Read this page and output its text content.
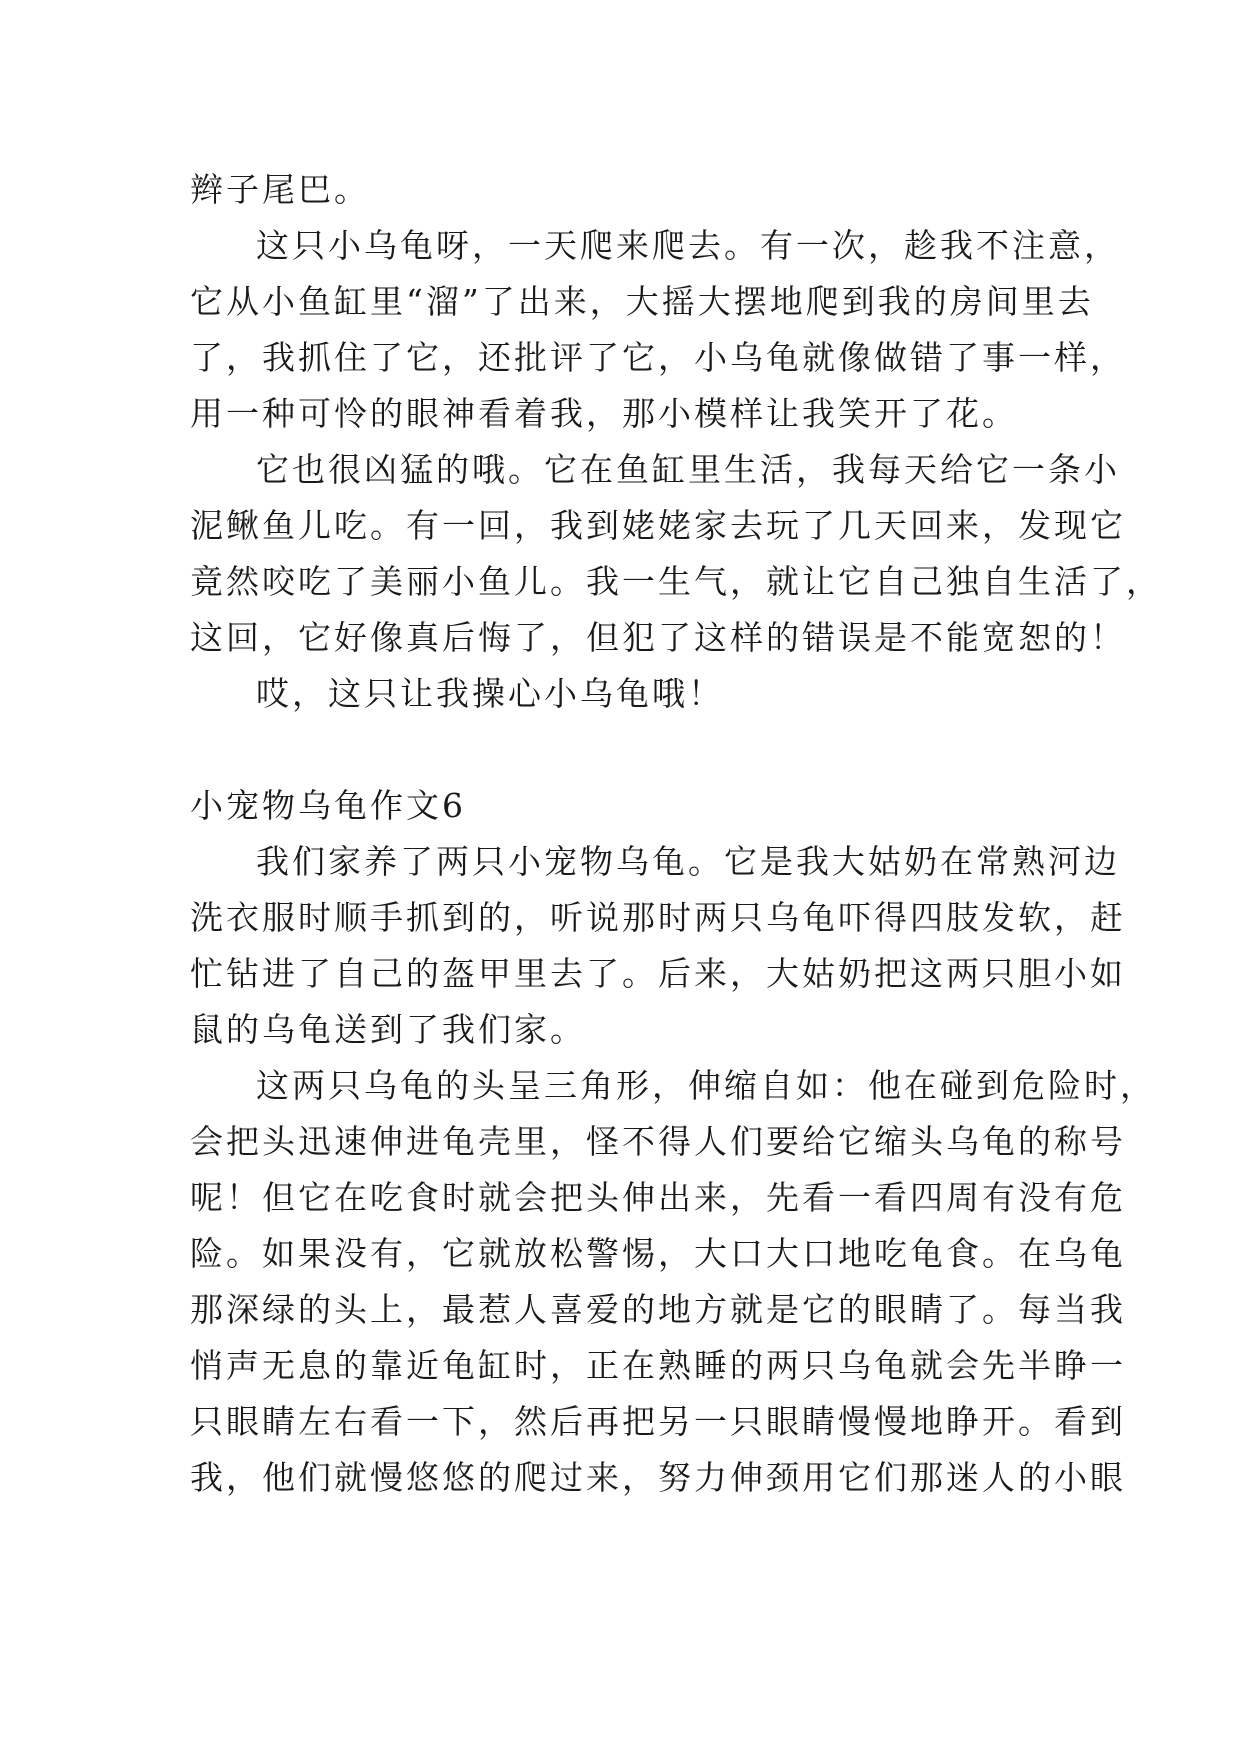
辫子尾巴。
这只小乌龟呀，一天爬来爬去。有一次，趁我不注意，
它从小鱼缸里“溜”了出来，大摇大摆地爬到我的房间里去
了，我抓住了它，还批评了它，小乌龟就像做错了事一样，
用一种可怜的眼神看着我，那小模样让我笑开了花。
它也很凶猛的哦。它在鱼缸里生活，我每天给它一条小
泥鳅鱼儿吃。有一回，我到姥姥家去玩了几天回来，发现它
竟然咬吃了美丽小鱼儿。我一生气，就让它自己独自生活了，
这回，它好像真后悔了，但犯了这样的错误是不能宽恕的！
哎，这只让我操心小乌龟哦！
小宠物乌龟作文6
我们家养了两只小宠物乌龟。它是我大姑奶在常熟河边
洗衣服时顺手抓到的，听说那时两只乌龟吓得四肢发软，赶
忙钻进了自己的盔甲里去了。后来，大姑奶把这两只胆小如
鼠的乌龟送到了我们家。
这两只乌龟的头呈三角形，伸缩自如：他在碰到危险时，
会把头迅速伸进龟壳里，怪不得人们要给它缩头乌龟的称号
呢！但它在吃食时就会把头伸出来，先看一看四周有没有危
险。如果没有，它就放松警惕，大口大口地吃龟食。在乌龟
那深绿的头上，最惹人喜爱的地方就是它的眼睛了。每当我
悄声无息的靠近龟缸时，正在熟睡的两只乌龟就会先半睁一
只眼睛左右看一下，然后再把另一只眼睛慢慢地睁开。看到
我，他们就慢悠悠的爬过来，努力伸颈用它们那迷人的小眼
